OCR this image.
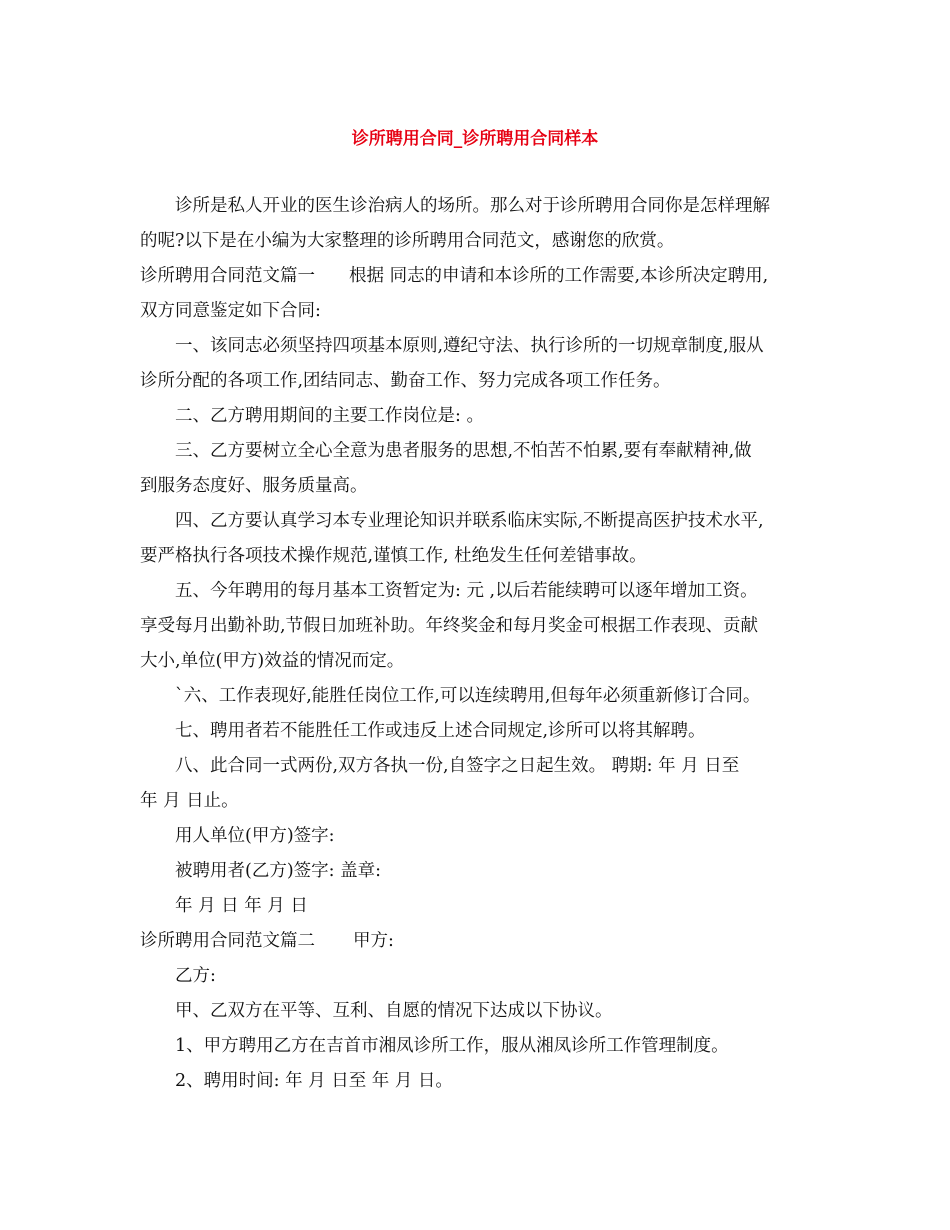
诊所聘用合同_诊所聘用合同样本
诊所是私人开业的医生诊治病人的场所。那么对于诊所聘用合同你是怎样理解
的呢?以下是在小编为大家整理的诊所聘用合同范文，感谢您的欣赏。
诊所聘用合同范文篇一 根据 同志的申请和本诊所的工作需要,本诊所决定聘用,
双方同意鉴定如下合同:
一、该同志必须坚持四项基本原则,遵纪守法、执行诊所的一切规章制度,服从
诊所分配的各项工作,团结同志、勤奋工作、努力完成各项工作任务。
二、乙方聘用期间的主要工作岗位是: 。
三、乙方要树立全心全意为患者服务的思想,不怕苦不怕累,要有奉献精神,做
到服务态度好、服务质量高。
四、乙方要认真学习本专业理论知识并联系临床实际,不断提高医护技术水平,
要严格执行各项技术操作规范,谨慎工作, 杜绝发生任何差错事故。
五、今年聘用的每月基本工资暂定为: 元 ,以后若能续聘可以逐年增加工资。
享受每月出勤补助,节假日加班补助。年终奖金和每月奖金可根据工作表现、贡献
大小,单位(甲方)效益的情况而定。
`六、工作表现好,能胜任岗位工作,可以连续聘用,但每年必须重新修订合同。
七、聘用者若不能胜任工作或违反上述合同规定,诊所可以将其解聘。
八、此合同一式两份,双方各执一份,自签字之日起生效。 聘期: 年 月 日至
年 月 日止。
用人单位(甲方)签字:
被聘用者(乙方)签字: 盖章:
年 月 日 年 月 日
诊所聘用合同范文篇二 甲方:
乙方:
甲、乙双方在平等、互利、自愿的情况下达成以下协议。
1、甲方聘用乙方在吉首市湘凤诊所工作，服从湘凤诊所工作管理制度。
2、聘用时间: 年 月 日至 年 月 日。
